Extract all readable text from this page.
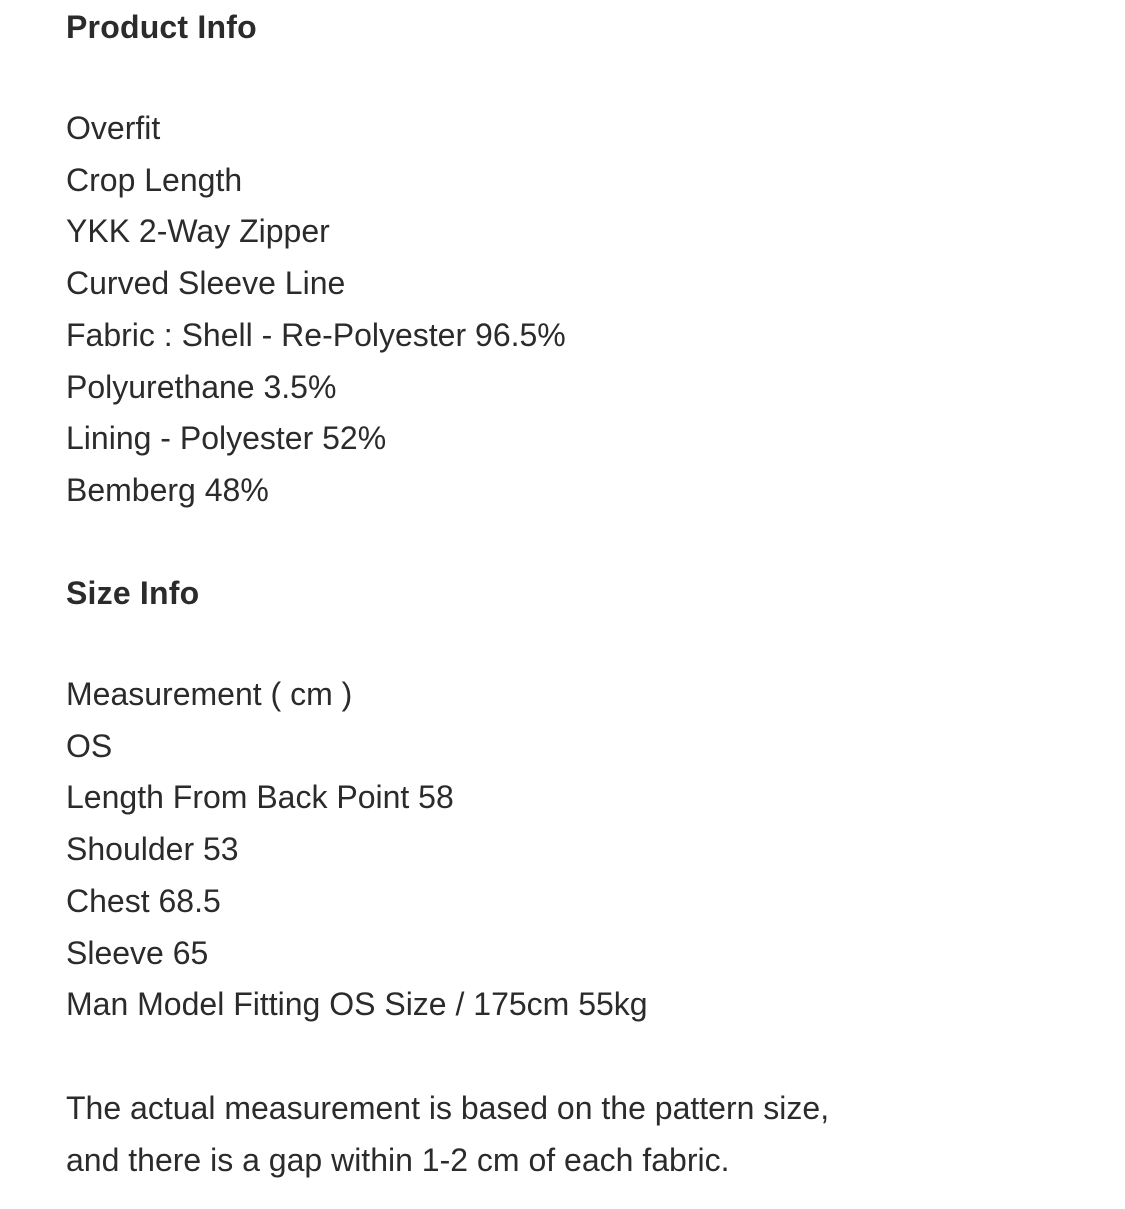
Product Info
Overfit
Crop Length
YKK 2-Way Zipper
Curved Sleeve Line
Fabric : Shell - Re-Polyester 96.5%
Polyurethane 3.5%
Lining - Polyester 52%
Bemberg 48%
Size Info
Measurement ( cm )
OS
Length From Back Point 58
Shoulder 53
Chest 68.5
Sleeve 65
Man Model Fitting OS Size / 175cm 55kg
The actual measurement is based on the pattern size,
and there is a gap within 1-2 cm of each fabric.
